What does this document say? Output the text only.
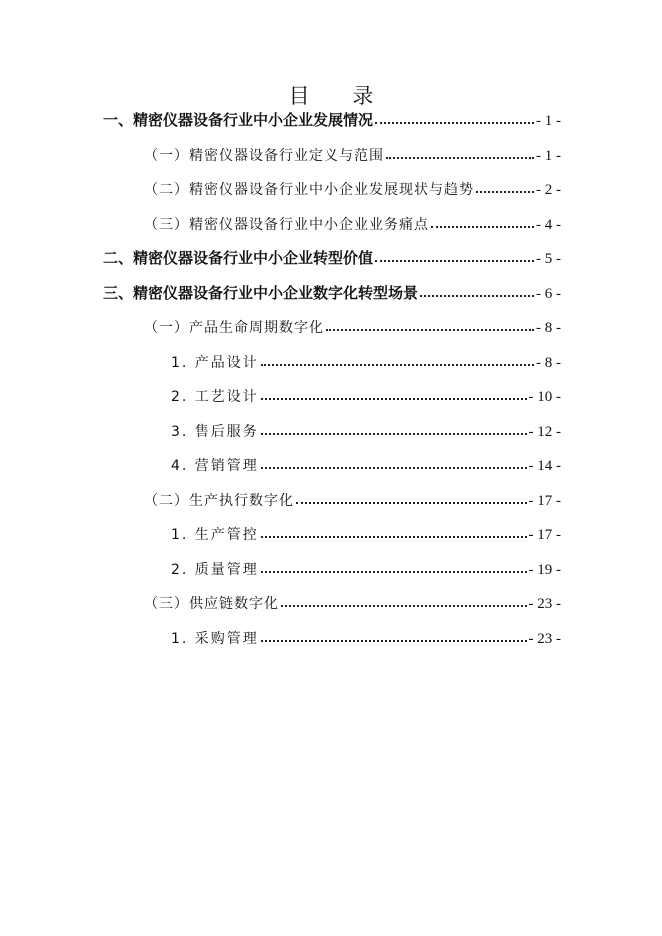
目 录
一、精密仪器设备行业中小企业发展情况	- 1 -
（一）精密仪器设备行业定义与范围	- 1 -
（二）精密仪器设备行业中小企业发展现状与趋势	- 2 -
（三）精密仪器设备行业中小企业业务痛点	- 4 -
二、精密仪器设备行业中小企业转型价值	- 5 -
三、精密仪器设备行业中小企业数字化转型场景	- 6 -
（一）产品生命周期数字化	- 8 -
1. 产品设计	- 8 -
2. 工艺设计	- 10 -
3. 售后服务	- 12 -
4. 营销管理	- 14 -
（二）生产执行数字化	- 17 -
1. 生产管控	- 17 -
2. 质量管理	- 19 -
（三）供应链数字化	- 23 -
1. 采购管理	- 23 -
